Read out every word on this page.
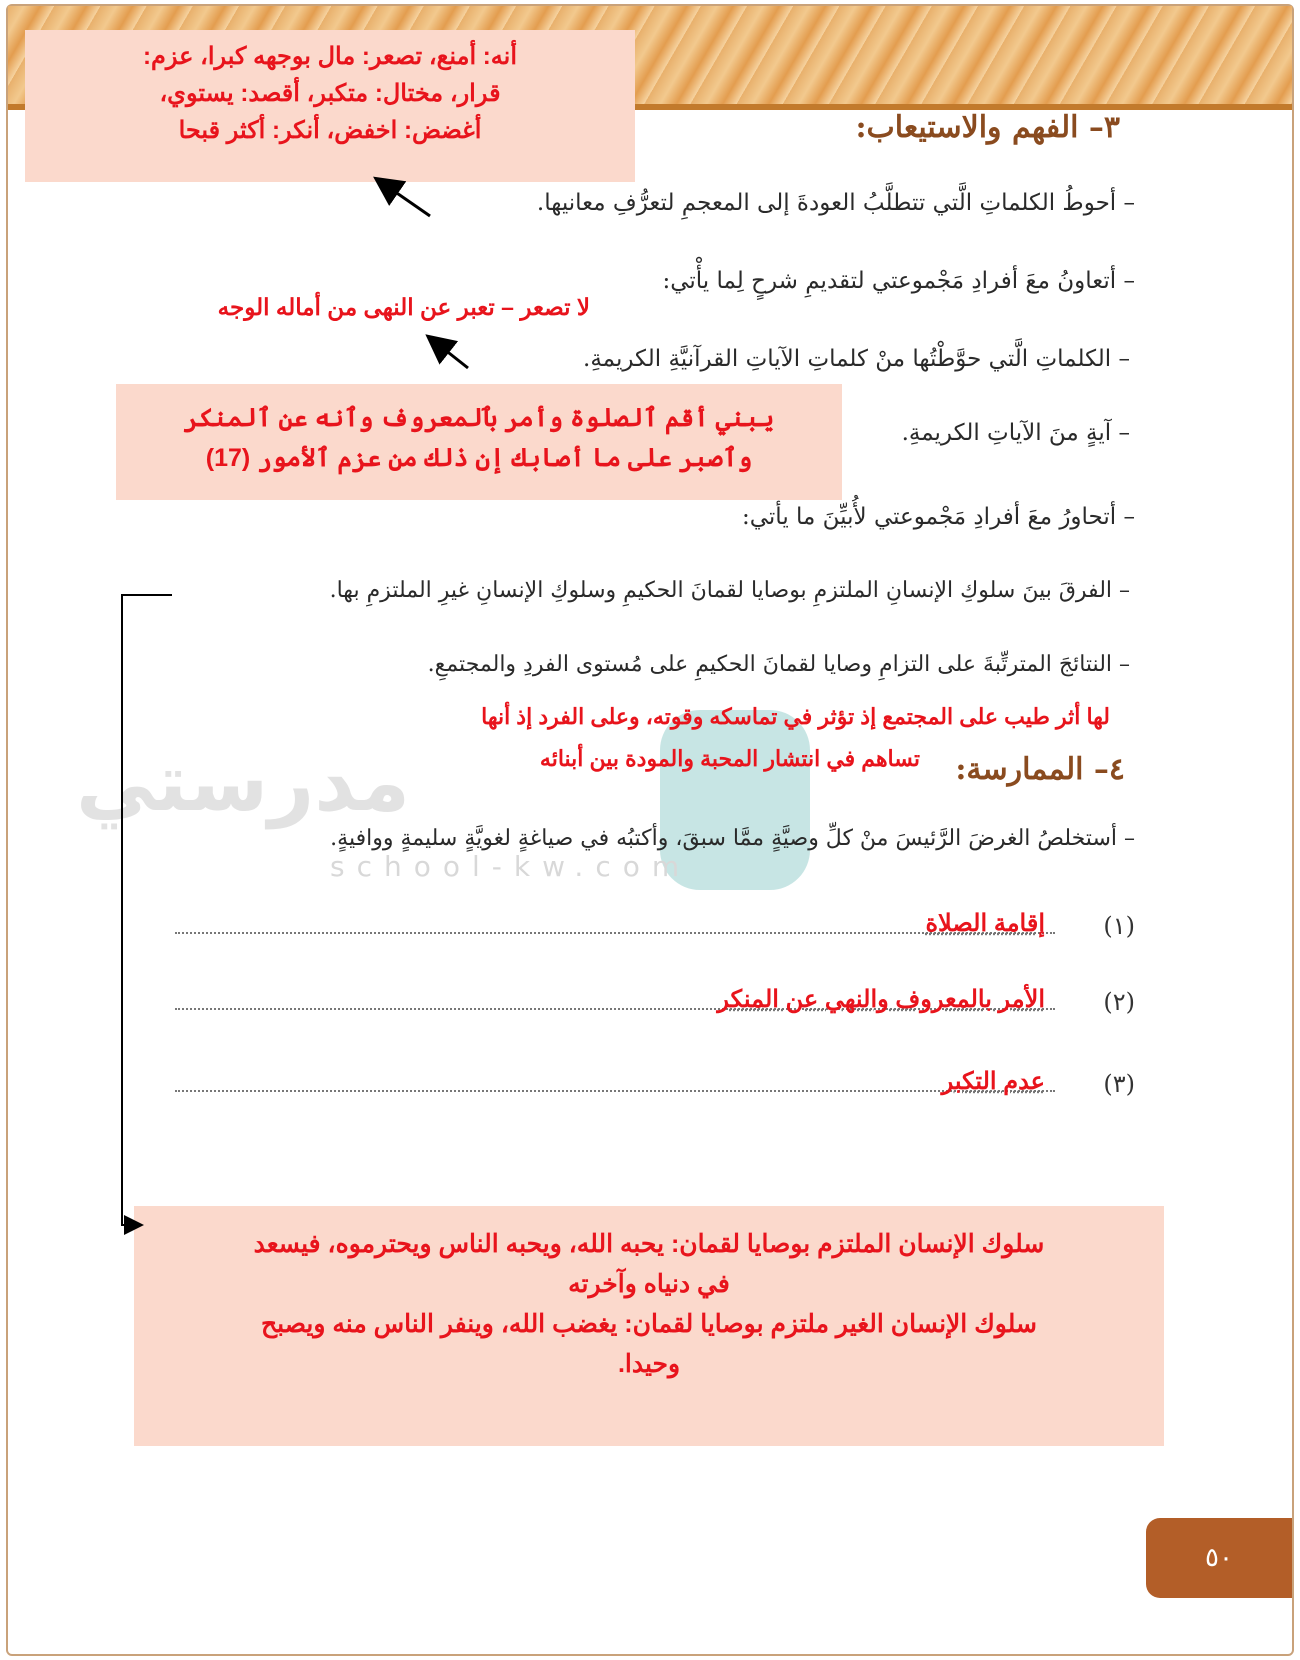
مدرستي
school-kw.com
٣– الفهم والاستيعاب:
أنه: أمنع، تصعر: مال بوجهه كبرا، عزم:
قرار، مختال: متكبر، أقصد: يستوي،
أغضض: اخفض، أنكر: أكثر قبحا
– أحوطُ الكلماتِ الَّتي تتطلَّبُ العودةَ إلى المعجمِ لتعرُّفِ معانيها.
– أتعاونُ معَ أفرادِ مَجْموعتي لتقديمِ شرحٍ لِما يأْتي:
لا تصعر – تعبر عن النهى من أماله الوجه
– الكلماتِ الَّتي حوَّطْتُها منْ كلماتِ الآياتِ القرآنيَّةِ الكريمةِ.
– آيةٍ منَ الآياتِ الكريمةِ.
يبني أقم ٱلصلوة وأمر بٱلمعروف وٱنه عن ٱلمنكر
وٱصبر على ما أصابك إن ذلك من عزم ٱلأمور (17)
– أتحاورُ معَ أفرادِ مَجْموعتي لأُبيِّنَ ما يأتي:
– الفرقَ بينَ سلوكِ الإنسانِ الملتزمِ بوصايا لقمانَ الحكيمِ وسلوكِ الإنسانِ غيرِ الملتزمِ بها.
– النتائجَ المترتِّبةَ على التزامِ وصايا لقمانَ الحكيمِ على مُستوى الفردِ والمجتمعِ.
لها أثر طيب على المجتمع إذ تؤثر في تماسكه وقوته، وعلى الفرد إذ أنها
تساهم في انتشار المحبة والمودة بين أبنائه ٤– الممارسة:
– أستخلصُ الغرضَ الرَّئيسَ منْ كلِّ وصيَّةٍ ممَّا سبقَ، وأكتبُه في صياغةٍ لغويَّةٍ سليمةٍ ووافيةٍ.
إقامة الصلاة (١)
الأمر بالمعروف والنهي عن المنكر (٢)
عدم التكبر (٣)
سلوك الإنسان الملتزم بوصايا لقمان: يحبه الله، ويحبه الناس ويحترموه، فيسعد
في دنياه وآخرته
سلوك الإنسان الغير ملتزم بوصايا لقمان: يغضب الله، وينفر الناس منه ويصبح
وحيدا.
٥٠
